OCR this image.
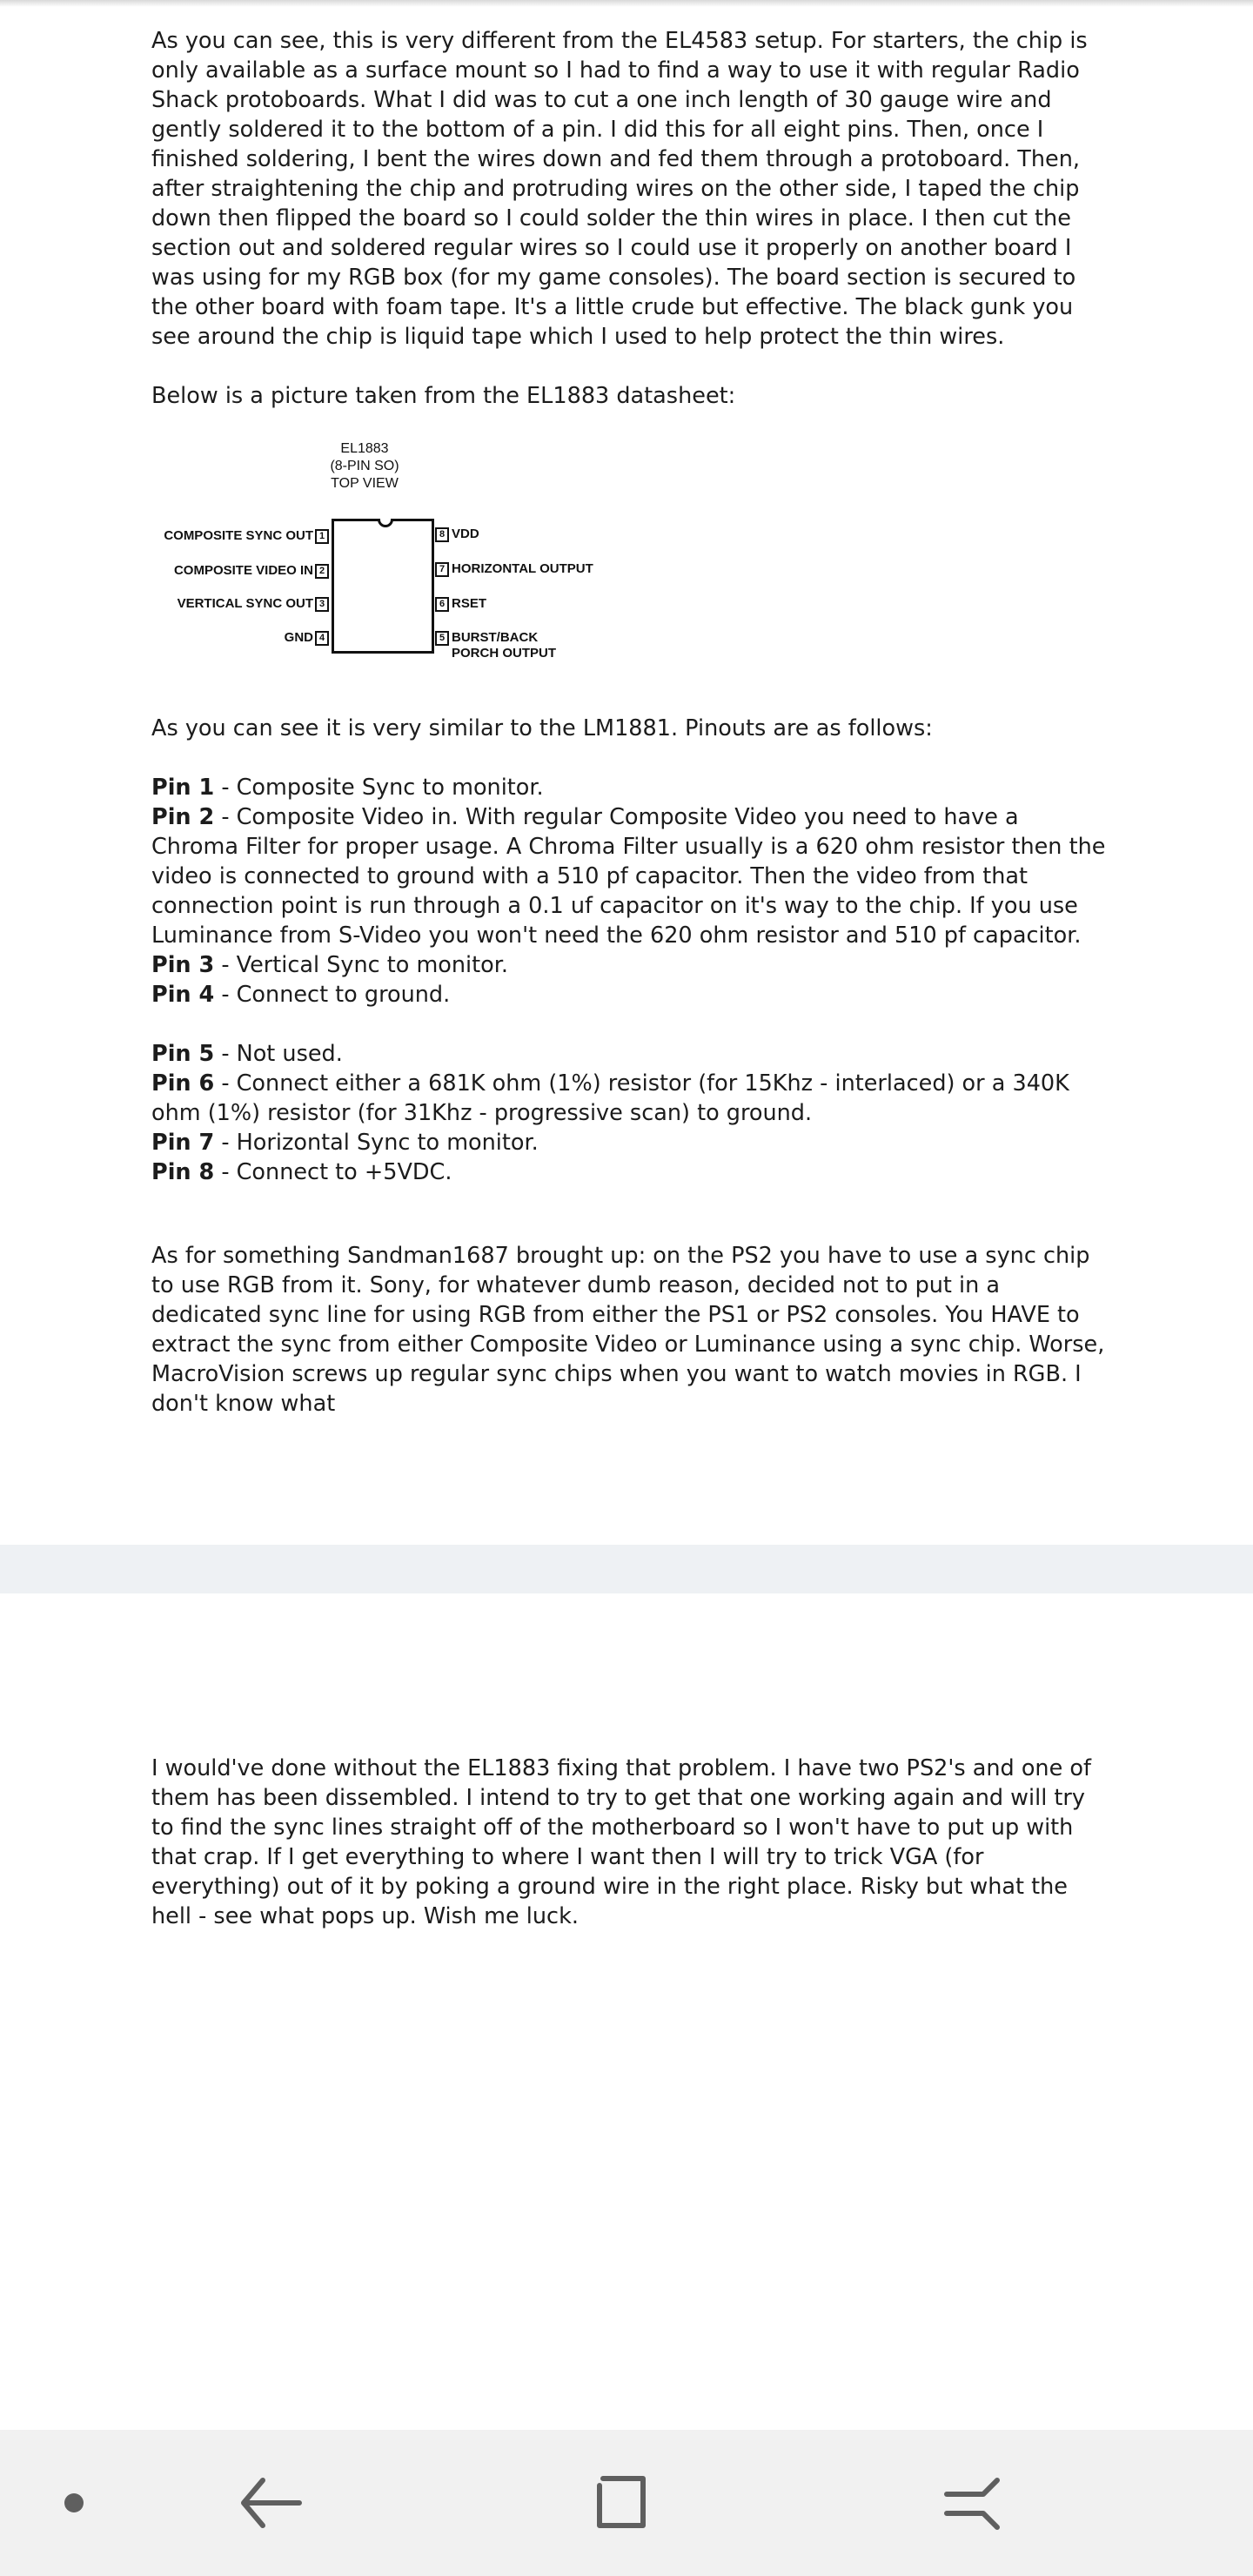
As you can see, this is very different from the EL4583 setup. For starters, the chip is only available as a surface mount so I had to find a way to use it with regular Radio Shack protoboards. What I did was to cut a one inch length of 30 gauge wire and gently soldered it to the bottom of a pin. I did this for all eight pins. Then, once I finished soldering, I bent the wires down and fed them through a protoboard. Then, after straightening the chip and protruding wires on the other side, I taped the chip down then flipped the board so I could solder the thin wires in place. I then cut the section out and soldered regular wires so I could use it properly on another board I was using for my RGB box (for my game consoles). The board section is secured to the other board with foam tape. It's a little crude but effective. The black gunk you see around the chip is liquid tape which I used to help protect the thin wires.

Below is a picture taken from the EL1883 datasheet:

EL1883
(8-PIN SO)
TOP VIEW
1
COMPOSITE SYNC OUT
2
COMPOSITE VIDEO IN
3
VERTICAL SYNC OUT
4
GND
8 VDD
7 HORIZONTAL OUTPUT
6 RSET
5 BURST/BACK
PORCH OUTPUT

As you can see it is very similar to the LM1881. Pinouts are as follows:

Pin 1 - Composite Sync to monitor.

Pin 2 - Composite Video in. With regular Composite Video you need to have a Chroma Filter for proper usage. A Chroma Filter usually is a 620 ohm resistor then the video is connected to ground with a 510 pf capacitor. Then the video from that connection point is run through a 0.1 uf capacitor on it's way to the chip. If you use Luminance from S-Video you won't need the 620 ohm resistor and 510 pf capacitor.

Pin 3 - Vertical Sync to monitor.

Pin 4 - Connect to ground.

Pin 5 - Not used.

Pin 6 - Connect either a 681K ohm (1%) resistor (for 15Khz - interlaced) or a 340K ohm (1%) resistor (for 31Khz - progressive scan) to ground.

Pin 7 - Horizontal Sync to monitor.

Pin 8 - Connect to +5VDC.

As for something Sandman1687 brought up: on the PS2 you have to use a sync chip to use RGB from it. Sony, for whatever dumb reason, decided not to put in a dedicated sync line for using RGB from either the PS1 or PS2 consoles. You HAVE to extract the sync from either Composite Video or Luminance using a sync chip. Worse, MacroVision screws up regular sync chips when you want to watch movies in RGB. I don't know what

I would've done without the EL1883 fixing that problem. I have two PS2's and one of them has been dissembled. I intend to try to get that one working again and will try to find the sync lines straight off of the motherboard so I won't have to put up with that crap. If I get everything to where I want then I will try to trick VGA (for everything) out of it by poking a ground wire in the right place. Risky but what the hell - see what pops up. Wish me luck.
